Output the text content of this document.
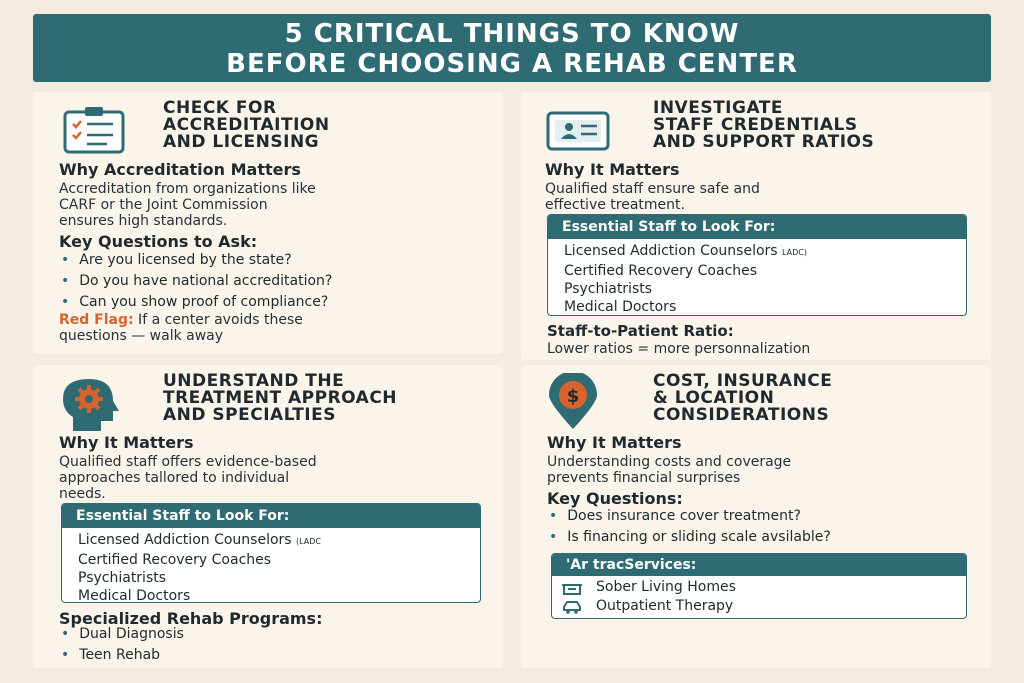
5 CRITICAL THINGS TO KNOW
BEFORE CHOOSING A REHAB CENTER
CHECK FOR
ACCREDITAITION
AND LICENSING
Why Accreditation Matters
Accreditation from organizations like
CARF or the Joint Commission
ensures high standards.
Key Questions to Ask:
• Are you licensed by the state?
• Do you have national accreditation?
• Can you show proof of compliance?
Red Flag: If a center avoids these
questions — walk away
INVESTIGATE
STAFF CREDENTIALS
AND SUPPORT RATIOS
Why It Matters
Qualified staff ensure safe and
effective treatment.
Essential Staff to Look For:
Licensed Addiction Counselors LADC)
Certified Recovery Coaches
Psychiatrists
Medical Doctors
Staff-to-Patient Ratio:
Lower ratios = more personnalization
UNDERSTAND THE
TREATMENT APPROACH
AND SPECIALTIES
Why It Matters
Qualified staff offers evidence-based
approaches tallored to individual
needs.
Essential Staff to Look For:
Licensed Addiction Counselors (LADC
Certified Recovery Coaches
Psychiatrists
Medical Doctors
Specialized Rehab Programs:
• Dual Diagnosis
• Teen Rehab
$
COST, INSURANCE
& LOCATION
CONSIDERATIONS
Why It Matters
Understanding costs and coverage
prevents financial surprises
Key Questions:
• Does insurance cover treatment?
• Is financing or sliding scale avsilable?
'Ar tracServices:
Sober Living Homes
Outpatient Therapy
